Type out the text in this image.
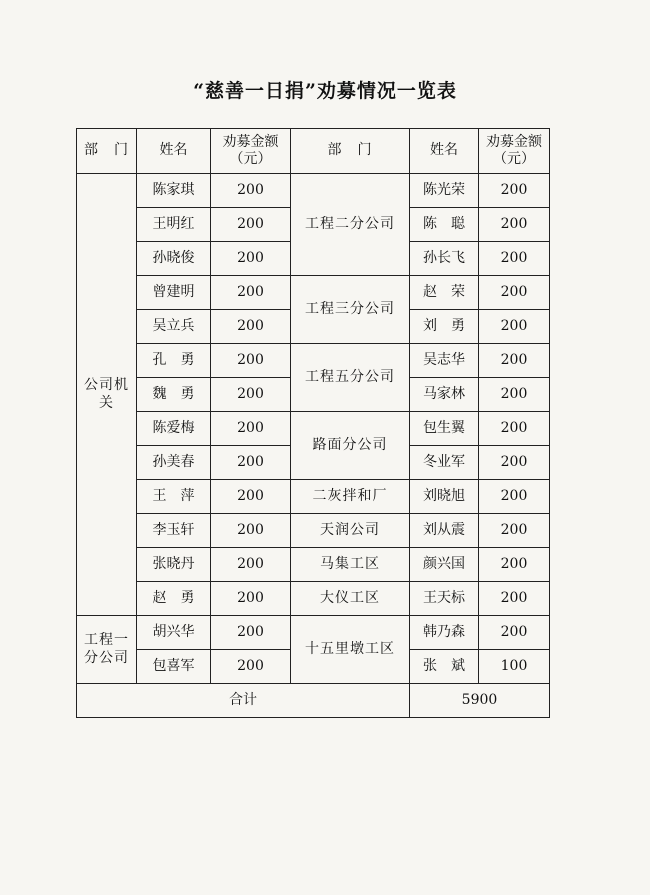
“慈善一日捐”劝募情况一览表
部　门	姓名	劝募金额（元）	部　门	姓名	劝募金额（元）
公司机关	陈家琪	200	工程二分公司	陈光荣	200
	王明红	200		陈　聪	200
	孙晓俊	200		孙长飞	200
	曾建明	200	工程三分公司	赵　荣	200
	吴立兵	200		刘　勇	200
	孔　勇	200	工程五分公司	吴志华	200
	魏　勇	200		马家林	200
	陈爱梅	200	路面分公司	包生翼	200
	孙美春	200		冬业军	200
	王　萍	200	二灰拌和厂	刘晓旭	200
	李玉轩	200	天润公司	刘从震	200
	张晓丹	200	马集工区	颜兴国	200
	赵　勇	200	大仪工区	王天标	200
工程一分公司	胡兴华	200	十五里墩工区	韩乃森	200
	包喜军	200		张　斌	100
合计				5900	
